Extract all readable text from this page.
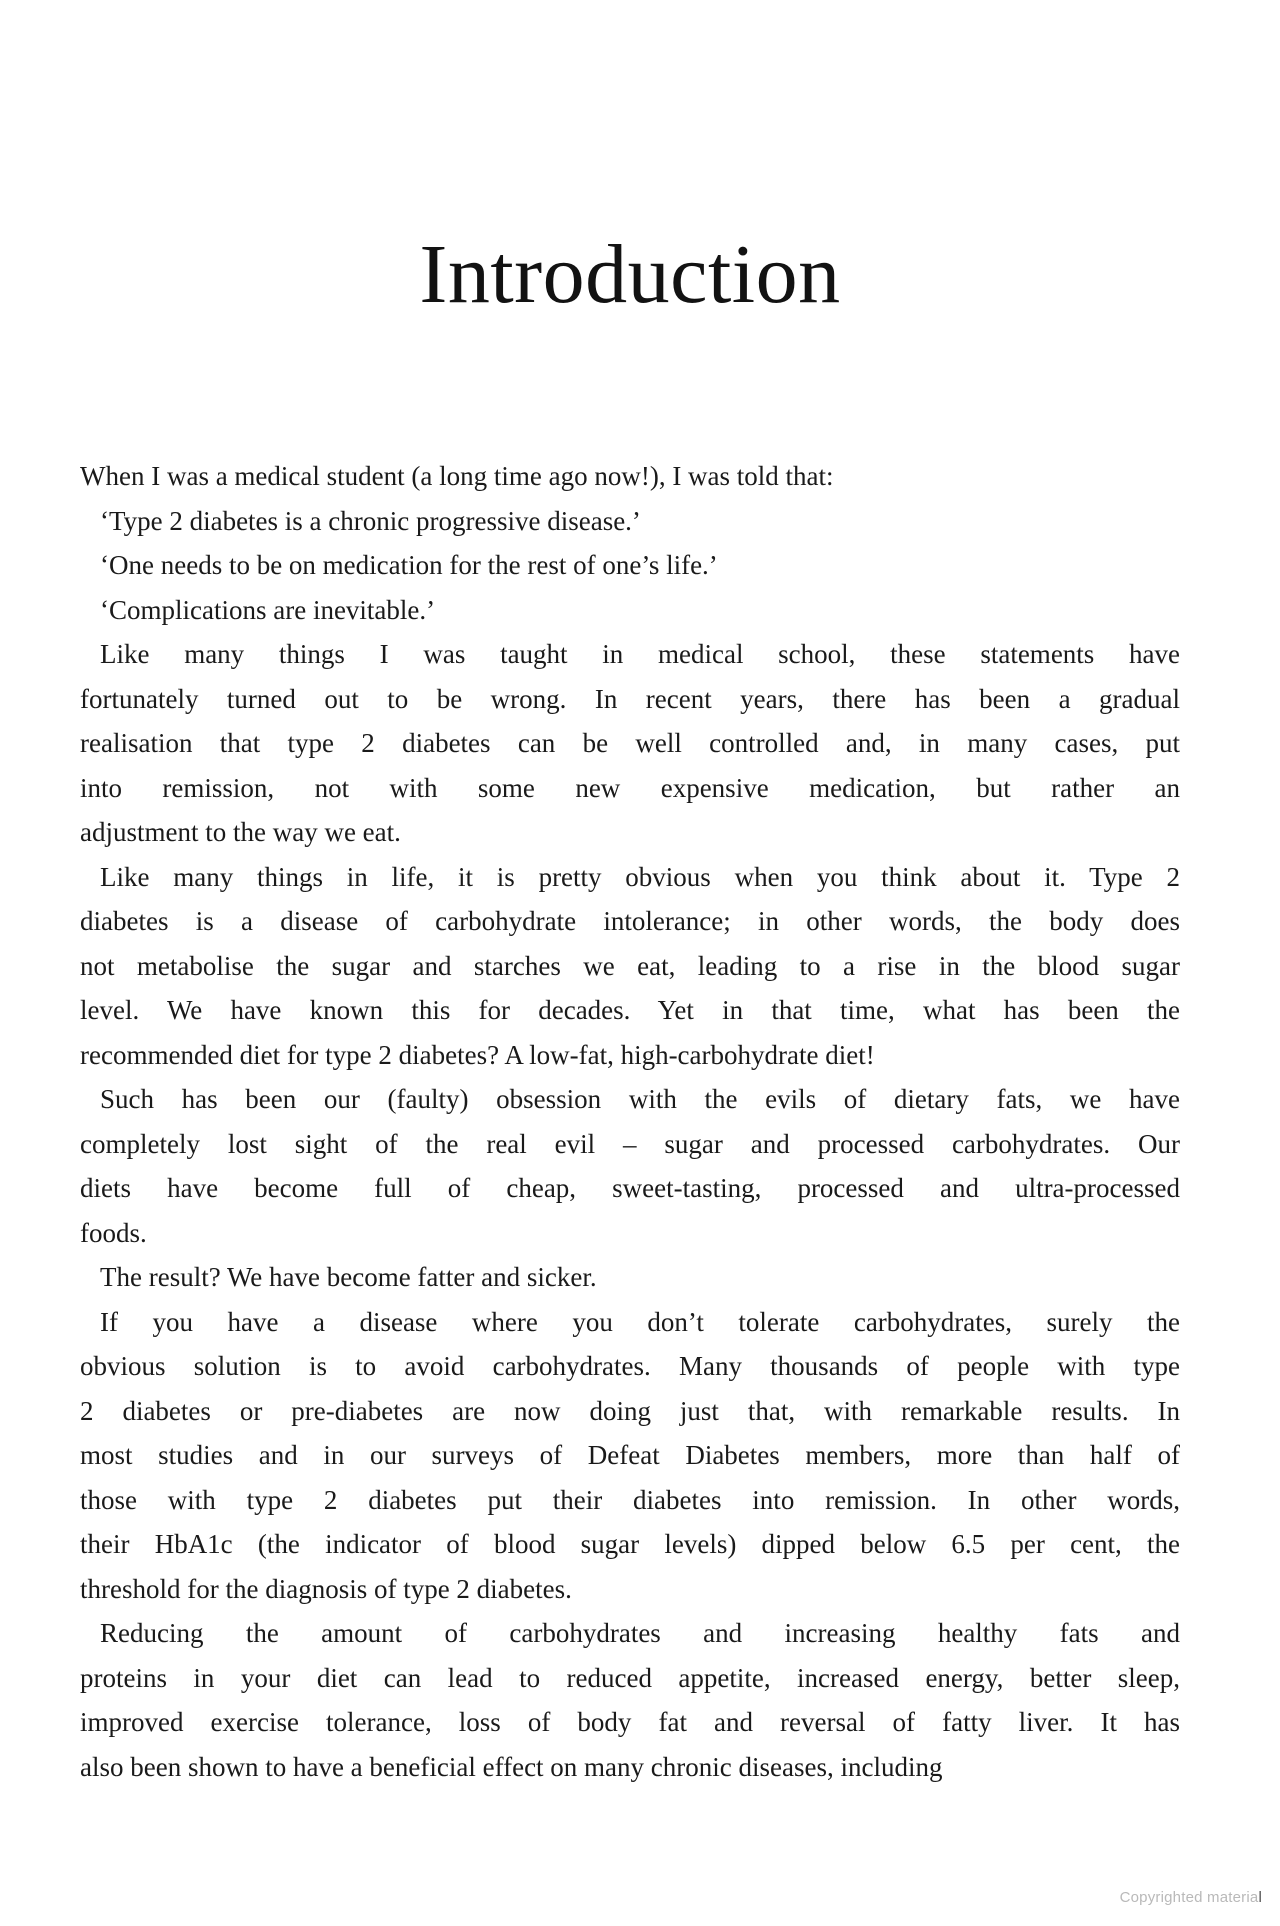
Introduction
When I was a medical student (a long time ago now!), I was told that:
‘Type 2 diabetes is a chronic progressive disease.’
‘One needs to be on medication for the rest of one’s life.’
‘Complications are inevitable.’
Like many things I was taught in medical school, these statements have
fortunately turned out to be wrong. In recent years, there has been a gradual
realisation that type 2 diabetes can be well controlled and, in many cases, put
into remission, not with some new expensive medication, but rather an
adjustment to the way we eat.
Like many things in life, it is pretty obvious when you think about it. Type 2
diabetes is a disease of carbohydrate intolerance; in other words, the body does
not metabolise the sugar and starches we eat, leading to a rise in the blood sugar
level. We have known this for decades. Yet in that time, what has been the
recommended diet for type 2 diabetes? A low-fat, high-carbohydrate diet!
Such has been our (faulty) obsession with the evils of dietary fats, we have
completely lost sight of the real evil – sugar and processed carbohydrates. Our
diets have become full of cheap, sweet-tasting, processed and ultra-processed
foods.
The result? We have become fatter and sicker.
If you have a disease where you don’t tolerate carbohydrates, surely the
obvious solution is to avoid carbohydrates. Many thousands of people with type
2 diabetes or pre-diabetes are now doing just that, with remarkable results. In
most studies and in our surveys of Defeat Diabetes members, more than half of
those with type 2 diabetes put their diabetes into remission. In other words,
their HbA1c (the indicator of blood sugar levels) dipped below 6.5 per cent, the
threshold for the diagnosis of type 2 diabetes.
Reducing the amount of carbohydrates and increasing healthy fats and
proteins in your diet can lead to reduced appetite, increased energy, better sleep,
improved exercise tolerance, loss of body fat and reversal of fatty liver. It has
also been shown to have a beneficial effect on many chronic diseases, including
Copyrighted material
